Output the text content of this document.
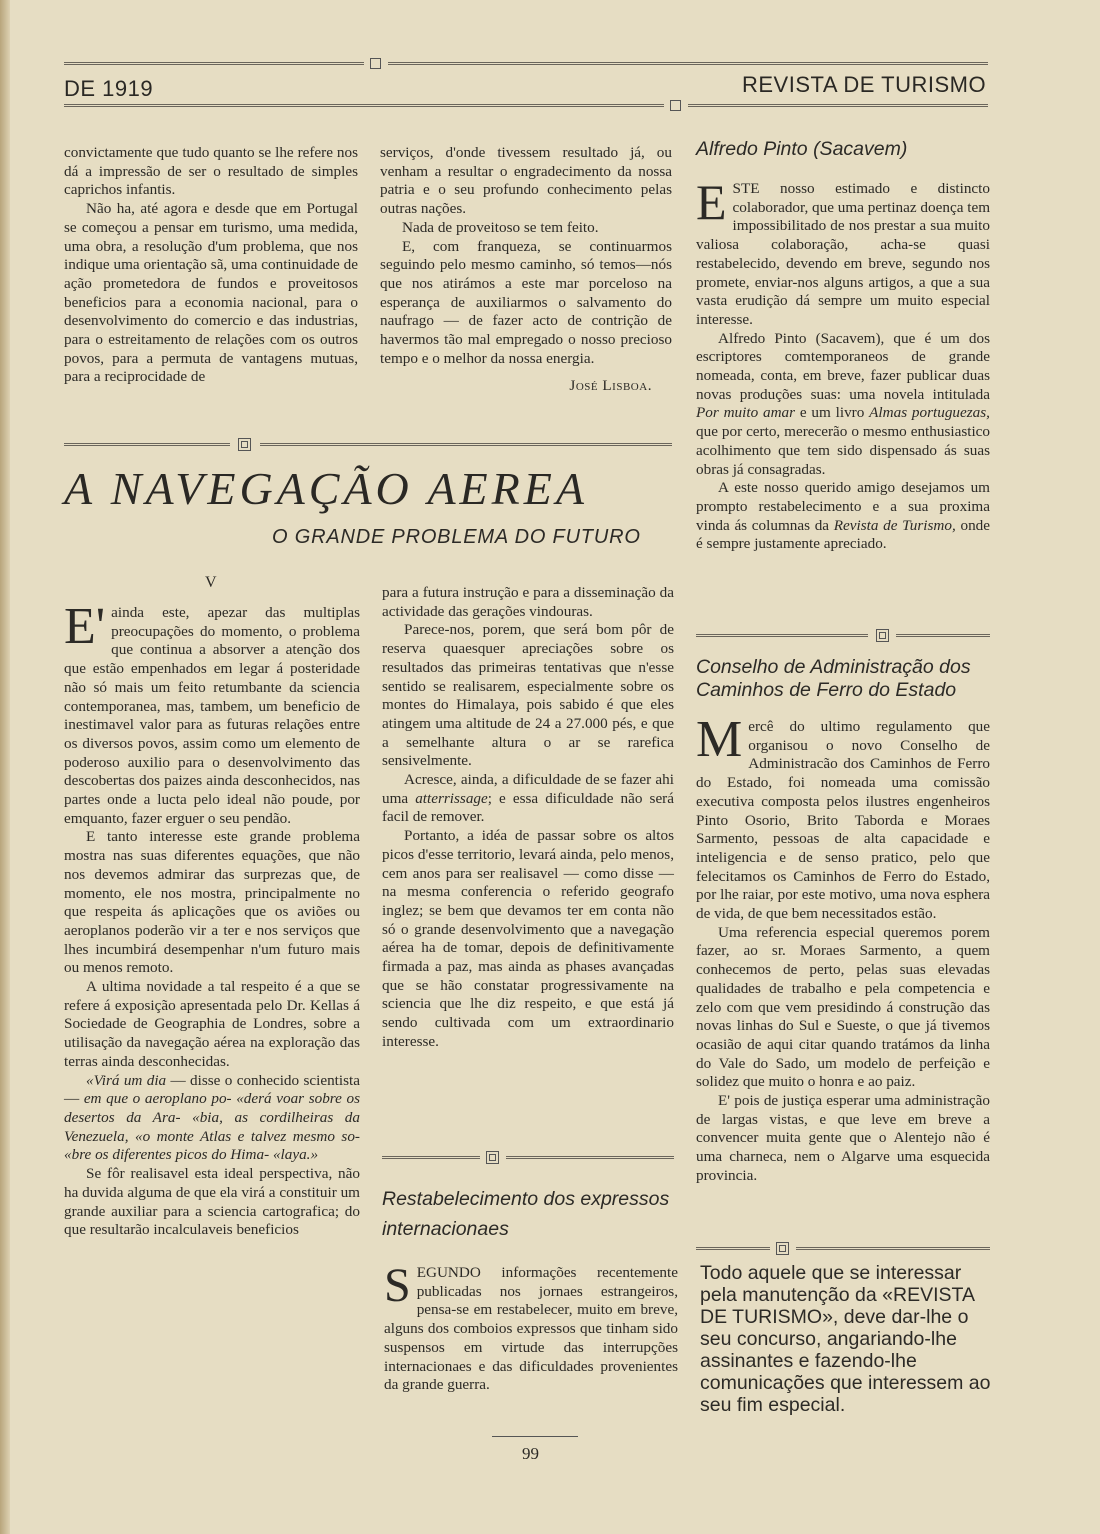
DE 1919	REVISTA DE TURISMO

convictamente que tudo quanto se lhe refere nos dá a impressão de ser o resultado de simples caprichos infantis.

Não ha, até agora e desde que em Portugal se começou a pensar em turismo, uma medida, uma obra, a resolução d'um problema, que nos indique uma orientação sã, uma continuidade de ação prometedora de fundos e proveitosos beneficios para a economia nacional, para o desenvolvimento do comercio e das industrias, para o estreitamento de relações com os outros povos, para a permuta de vantagens mutuas, para a reciprocidade de

serviços, d'onde tivessem resultado já, ou venham a resultar o engradecimento da nossa patria e o seu profundo conhecimento pelas outras nações.

Nada de proveitoso se tem feito.

E, com franqueza, se continuarmos seguindo pelo mesmo caminho, só temos—nós que nos atirámos a este mar porceloso na esperança de auxiliarmos o salvamento do naufrago — de fazer acto de contrição de havermos tão mal empregado o nosso precioso tempo e o melhor da nossa energia.

José Lisboa.
A NAVEGAÇÃO AEREA
O GRANDE PROBLEMA DO FUTURO
V

E' ainda este, apezar das multiplas preocupações do momento, o problema que continua a absorver a atenção dos que estão empenhados em legar á posteridade não só mais um feito retumbante da sciencia contemporanea, mas, tambem, um beneficio de inestimavel valor para as futuras relações entre os diversos povos, assim como um elemento de poderoso auxilio para o desenvolvimento das descobertas dos paizes ainda desconhecidos, nas partes onde a lucta pelo ideal não poude, por emquanto, fazer erguer o seu pendão.

E tanto interesse este grande problema mostra nas suas diferentes equações, que não nos devemos admirar das surprezas que, de momento, ele nos mostra, principalmente no que respeita ás aplicações que os aviões ou aeroplanos poderão vir a ter e nos serviços que lhes incumbirá desempenhar n'um futuro mais ou menos remoto.

A ultima novidade a tal respeito é a que se refere á exposição apresentada pelo Dr. Kellas á Sociedade de Geographia de Londres, sobre a utilisação da navegação aérea na exploração das terras ainda desconhecidas.

«Virá um dia — disse o conhecido scientista — em que o aeroplano po- «derá voar sobre os desertos da Ara- «bia, as cordilheiras da Venezuela, «o monte Atlas e talvez mesmo so- «bre os diferentes picos do Hima- «laya.»

Se fôr realisavel esta ideal perspectiva, não ha duvida alguma de que ela virá a constituir um grande auxiliar para a sciencia cartografica; do que resultarão incalculaveis beneficios

para a futura instrução e para a disseminação da actividade das gerações vindouras.

Parece-nos, porem, que será bom pôr de reserva quaesquer apreciações sobre os resultados das primeiras tentativas que n'esse sentido se realisarem, especialmente sobre os montes do Himalaya, pois sabido é que eles atingem uma altitude de 24 a 27.000 pés, e que a semelhante altura o ar se rarefica sensivelmente.

Acresce, ainda, a dificuldade de se fazer ahi uma atterrissage; e essa dificuldade não será facil de remover.

Portanto, a idéa de passar sobre os altos picos d'esse territorio, levará ainda, pelo menos, cem anos para ser realisavel — como disse — na mesma conferencia o referido geografo inglez; se bem que devamos ter em conta não só o grande desenvolvimento que a navegação aérea ha de tomar, depois de definitivamente firmada a paz, mas ainda as phases avançadas que se hão constatar progressivamente na sciencia que lhe diz respeito, e que está já sendo cultivada com um extraordinario interesse.

Restabelecimento dos expressos internacionaes

SEGUNDO informações recentemente publicadas nos jornaes estrangeiros, pensa-se em restabelecer, muito em breve, alguns dos comboios expressos que tinham sido suspensos em virtude das interrupções internacionaes e das dificuldades provenientes da grande guerra.

99
Alfredo Pinto (Sacavem)

ESTE nosso estimado e distincto colaborador, que uma pertinaz doença tem impossibilitado de nos prestar a sua muito valiosa colaboração, acha-se quasi restabelecido, devendo em breve, segundo nos promete, enviar-nos alguns artigos, a que a sua vasta erudição dá sempre um muito especial interesse.

Alfredo Pinto (Sacavem), que é um dos escriptores comtemporaneos de grande nomeada, conta, em breve, fazer publicar duas novas produções suas: uma novela intitulada Por muito amar e um livro Almas portuguezas, que por certo, merecerão o mesmo enthusiastico acolhimento que tem sido dispensado ás suas obras já consagradas.

A este nosso querido amigo desejamos um prompto restabelecimento e a sua proxima vinda ás columnas da Revista de Turismo, onde é sempre justamente apreciado.

Conselho de Administração dos Caminhos de Ferro do Estado

Mercê do ultimo regulamento que organisou o novo Conselho de Administracão dos Caminhos de Ferro do Estado, foi nomeada uma comissão executiva composta pelos ilustres engenheiros Pinto Osorio, Brito Taborda e Moraes Sarmento, pessoas de alta capacidade e inteligencia e de senso pratico, pelo que felecitamos os Caminhos de Ferro do Estado, por lhe raiar, por este motivo, uma nova esphera de vida, de que bem necessitados estão.

Uma referencia especial queremos porem fazer, ao sr. Moraes Sarmento, a quem conhecemos de perto, pelas suas elevadas qualidades de trabalho e pela competencia e zelo com que vem presidindo á construção das novas linhas do Sul e Sueste, o que já tivemos ocasião de aqui citar quando tratámos da linha do Vale do Sado, um modelo de perfeição e solidez que muito o honra e ao paiz.

E' pois de justiça esperar uma administração de largas vistas, e que leve em breve a convencer muita gente que o Alentejo não é uma charneca, nem o Algarve uma esquecida provincia.

Todo aquele que se interessar pela manutenção da «REVISTA DE TURISMO», deve dar-lhe o seu concurso, angariando-lhe assinantes e fazendo-lhe comunicações que interessem ao seu fim especial.
